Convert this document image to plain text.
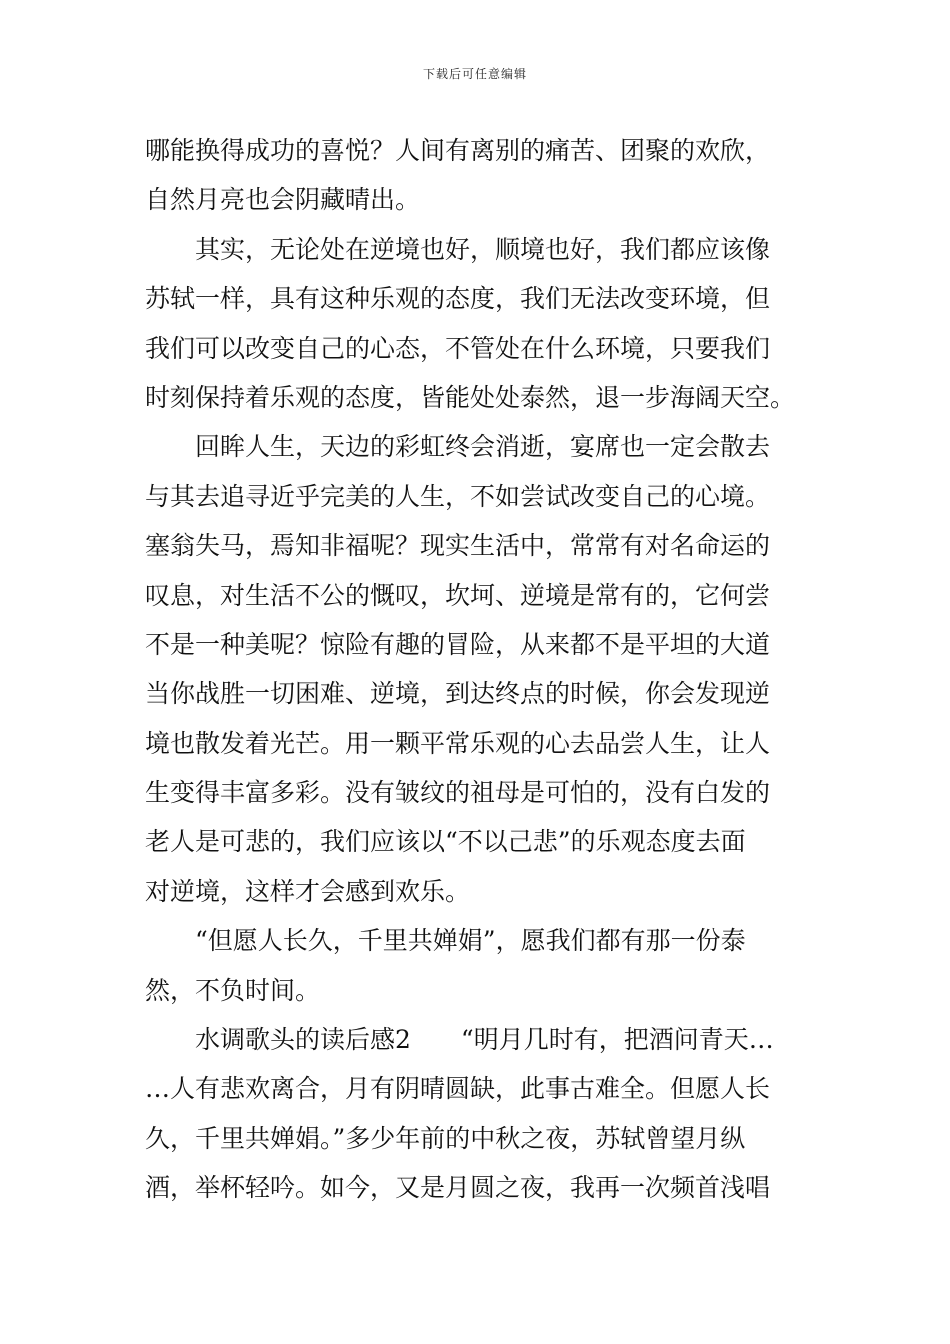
下载后可任意编辑
哪能换得成功的喜悦？人间有离别的痛苦、团聚的欢欣，
自然月亮也会阴藏晴出。
　　其实，无论处在逆境也好，顺境也好，我们都应该像
苏轼一样，具有这种乐观的态度，我们无法改变环境，但
我们可以改变自己的心态，不管处在什么环境，只要我们
时刻保持着乐观的态度，皆能处处泰然，退一步海阔天空。
　　回眸人生，天边的彩虹终会消逝，宴席也一定会散去
与其去追寻近乎完美的人生，不如尝试改变自己的心境。
塞翁失马，焉知非福呢？现实生活中，常常有对名命运的
叹息，对生活不公的慨叹，坎坷、逆境是常有的，它何尝
不是一种美呢？惊险有趣的冒险，从来都不是平坦的大道
当你战胜一切困难、逆境，到达终点的时候，你会发现逆
境也散发着光芒。用一颗平常乐观的心去品尝人生，让人
生变得丰富多彩。没有皱纹的祖母是可怕的，没有白发的
老人是可悲的，我们应该以“不以己悲”的乐观态度去面
对逆境，这样才会感到欢乐。
　　“但愿人长久，千里共婵娟”，愿我们都有那一份泰
然，不负时间。
　　水调歌头的读后感2　　“明月几时有，把酒问青天…
…人有悲欢离合，月有阴晴圆缺，此事古难全。但愿人长
久，千里共婵娟。”多少年前的中秋之夜，苏轼曾望月纵
酒，举杯轻吟。如今，又是月圆之夜，我再一次频首浅唱
